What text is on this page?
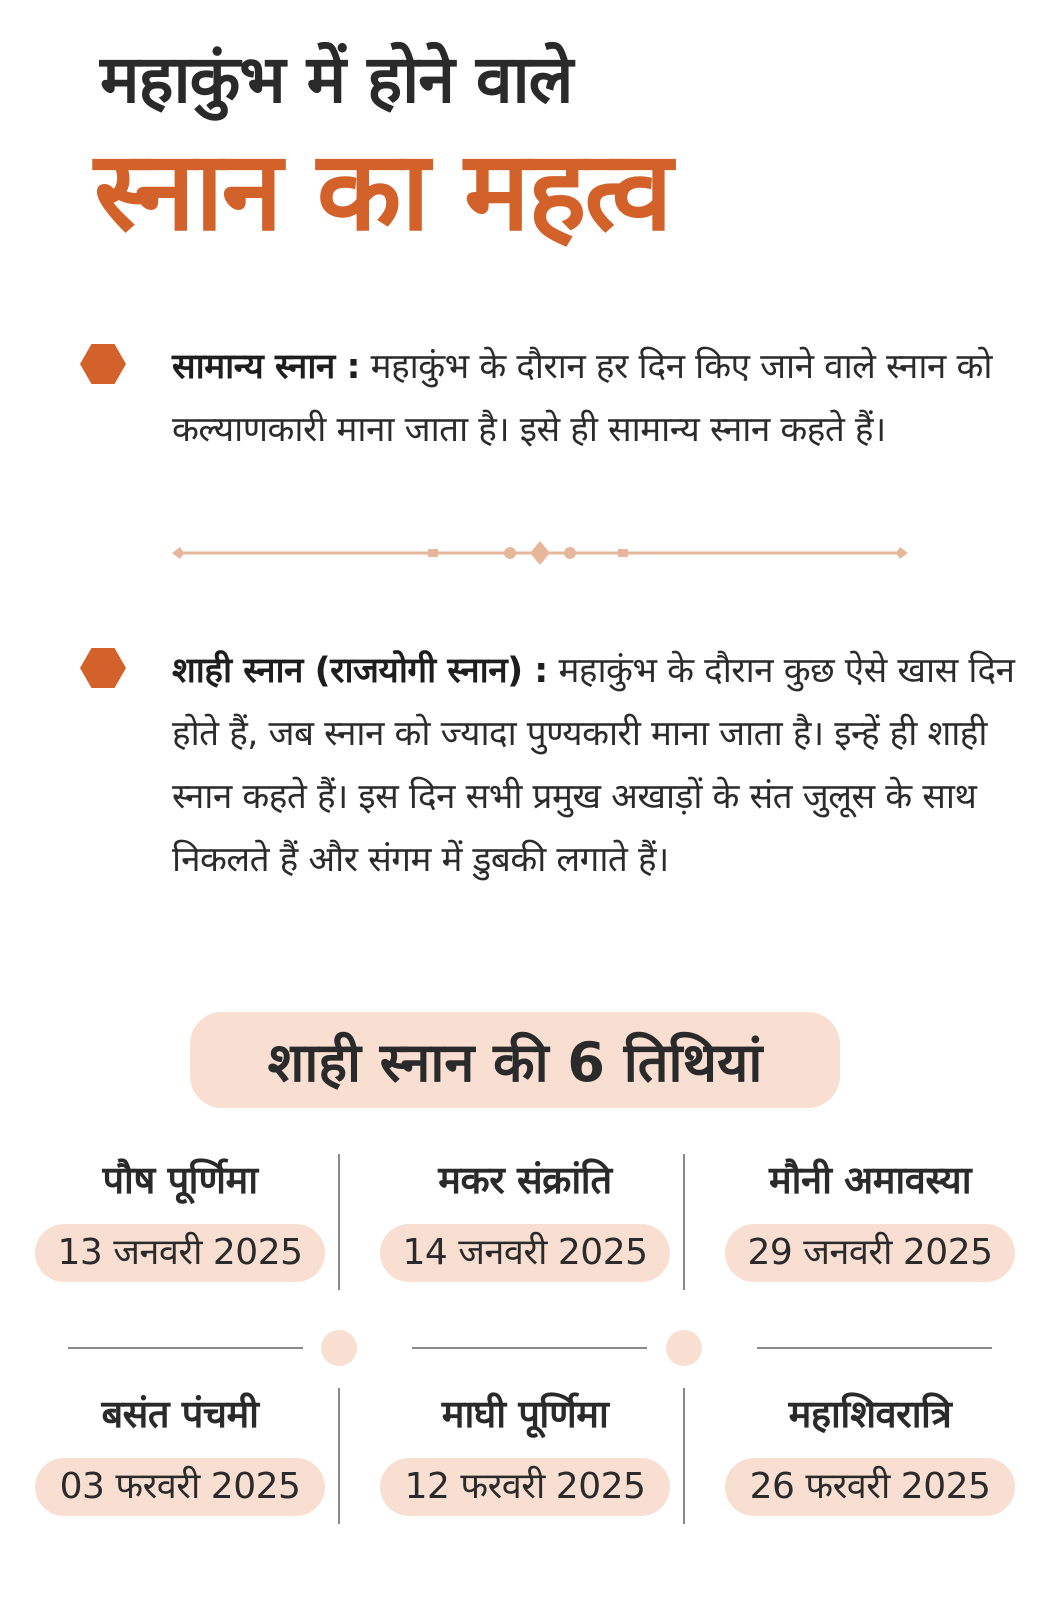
महाकुंभ में होने वाले
स्नान का महत्व
सामान्य स्नान : महाकुंभ के दौरान हर दिन किए जाने वाले स्नान को कल्याणकारी माना जाता है। इसे ही सामान्य स्नान कहते हैं।
शाही स्नान (राजयोगी स्नान) : महाकुंभ के दौरान कुछ ऐसे खास दिन होते हैं, जब स्नान को ज्यादा पुण्यकारी माना जाता है। इन्हें ही शाही स्नान कहते हैं। इस दिन सभी प्रमुख अखाड़ों के संत जुलूस के साथ निकलते हैं और संगम में डुबकी लगाते हैं।
शाही स्नान की 6 तिथियां
पौष पूर्णिमा
13 जनवरी 2025
मकर संक्रांति
14 जनवरी 2025
मौनी अमावस्या
29 जनवरी 2025
बसंत पंचमी
03 फरवरी 2025
माघी पूर्णिमा
12 फरवरी 2025
महाशिवरात्रि
26 फरवरी 2025
